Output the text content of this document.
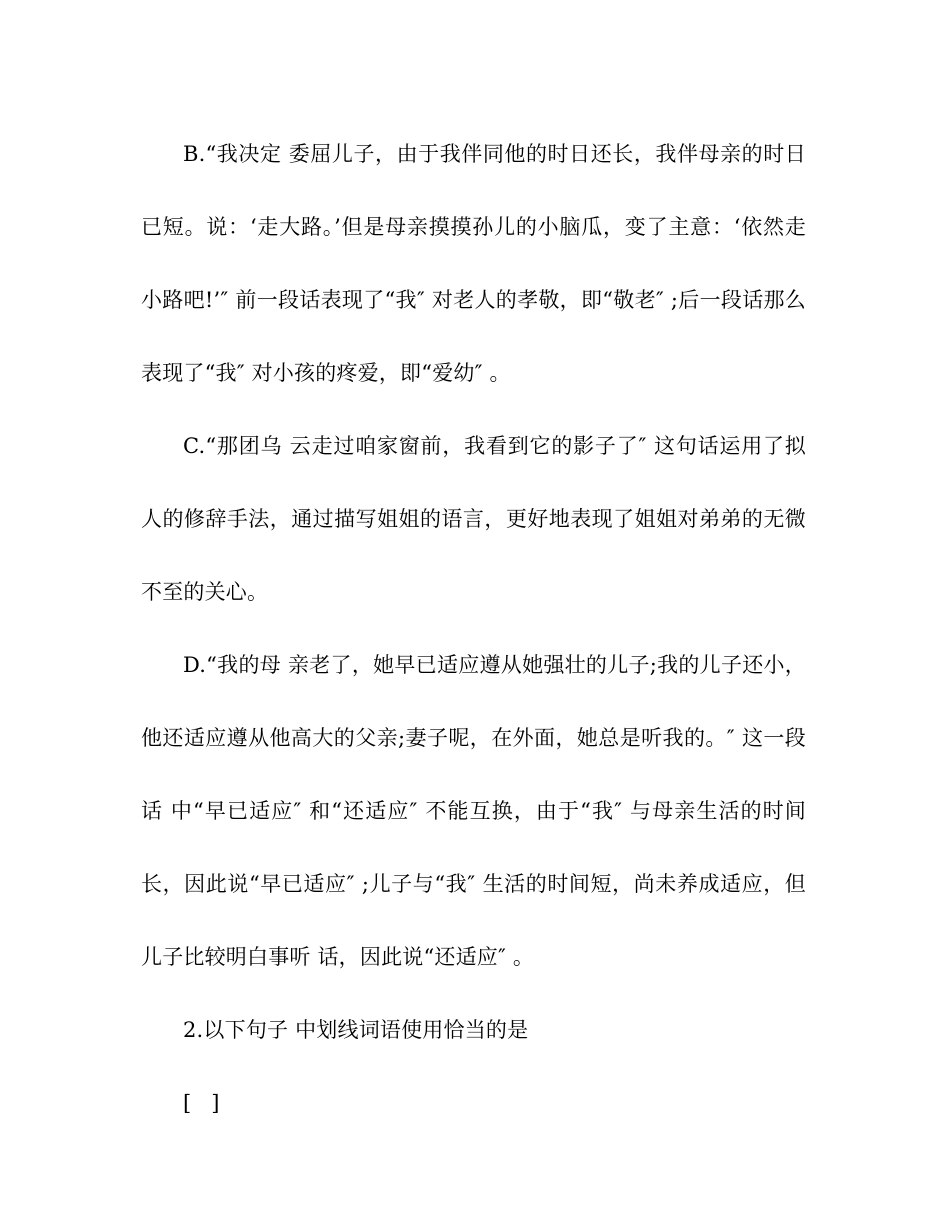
B.“我决定 委屈儿子，由于我伴同他的时日还长，我伴母亲的时日已短。说：‘走大路。’但是母亲摸摸孙儿的小脑瓜，变了主意：‘依然走小路吧!’″ 前一段话表现了“我″ 对老人的孝敬，即“敬老″ ;后一段话那么表现了“我″ 对小孩的疼爱，即“爱幼″ 。

C.“那团乌 云走过咱家窗前，我看到它的影子了″ 这句话运用了拟人的修辞手法，通过描写姐姐的语言，更好地表现了姐姐对弟弟的无微不至的关心。

D.“我的母 亲老了，她早已适应遵从她强壮的儿子;我的儿子还小，他还适应遵从他高大的父亲;妻子呢，在外面，她总是听我的。″ 这一段话 中“早已适应″ 和“还适应″ 不能互换，由于“我″ 与母亲生活的时间长，因此说“早已适应″ ;儿子与“我″ 生活的时间短，尚未养成适应，但儿子比较明白事听 话，因此说“还适应″ 。

2.以下句子 中划线词语使用恰当的是

[   ]
